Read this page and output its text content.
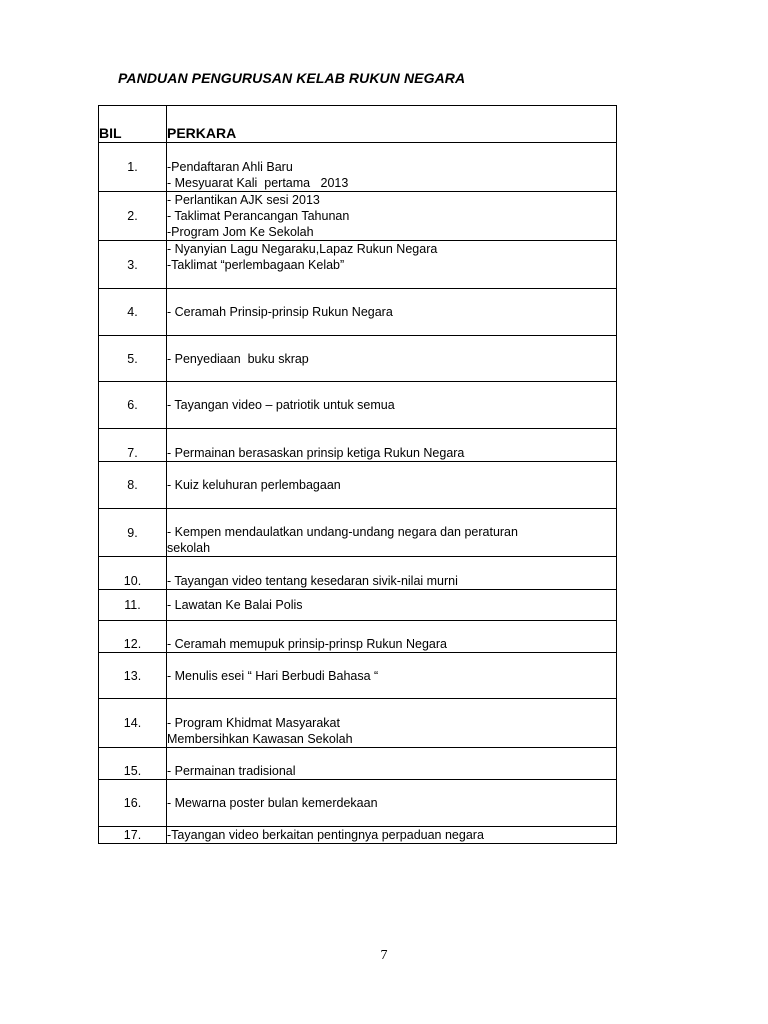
PANDUAN PENGURUSAN KELAB RUKUN NEGARA
BIL	PERKARA
1.	-Pendaftaran Ahli Baru
- Mesyuarat Kali  pertama   2013

2.	- Perlantikan AJK sesi 2013
- Taklimat Perancangan Tahunan
-Program Jom Ke Sekolah

3.	- Nyanyian Lagu Negaraku,Lapaz Rukun Negara
-Taklimat “perlembagaan Kelab”

4.	- Ceramah Prinsip-prinsip Rukun Negara

5.	- Penyediaan  buku skrap

6.	- Tayangan video – patriotik untuk semua

7.	- Permainan berasaskan prinsip ketiga Rukun Negara

8.	- Kuiz keluhuran perlembagaan

9.	- Kempen mendaulatkan undang-undang negara dan peraturan
sekolah

10.	- Tayangan video tentang kesedaran sivik-nilai murni

11.	- Lawatan Ke Balai Polis

12.	- Ceramah memupuk prinsip-prinsp Rukun Negara

13.	- Menulis esei “ Hari Berbudi Bahasa “

14.	- Program Khidmat Masyarakat
Membersihkan Kawasan Sekolah

15.	- Permainan tradisional

16.	- Mewarna poster bulan kemerdekaan

17.	-Tayangan video berkaitan pentingnya perpaduan negara
7
